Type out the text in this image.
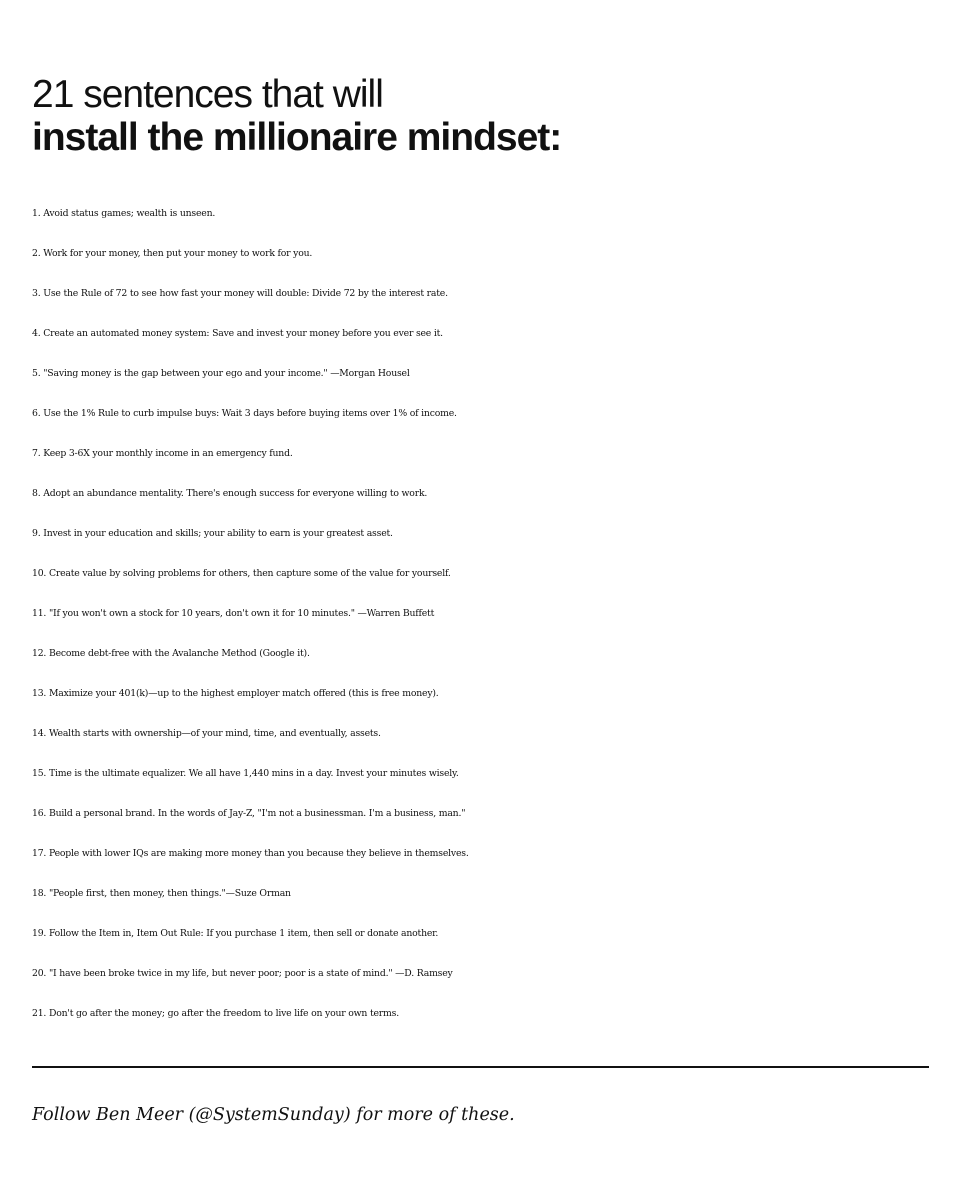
21 sentences that will
install the millionaire mindset:
1. Avoid status games; wealth is unseen.
2. Work for your money, then put your money to work for you.
3. Use the Rule of 72 to see how fast your money will double: Divide 72 by the interest rate.
4. Create an automated money system: Save and invest your money before you ever see it.
5. "Saving money is the gap between your ego and your income." —Morgan Housel
6. Use the 1% Rule to curb impulse buys: Wait 3 days before buying items over 1% of income.
7. Keep 3-6X your monthly income in an emergency fund.
8. Adopt an abundance mentality. There's enough success for everyone willing to work.
9. Invest in your education and skills; your ability to earn is your greatest asset.
10. Create value by solving problems for others, then capture some of the value for yourself.
11. "If you won't own a stock for 10 years, don't own it for 10 minutes." —Warren Buffett
12. Become debt-free with the Avalanche Method (Google it).
13. Maximize your 401(k)—up to the highest employer match offered (this is free money).
14. Wealth starts with ownership—of your mind, time, and eventually, assets.
15. Time is the ultimate equalizer. We all have 1,440 mins in a day. Invest your minutes wisely.
16. Build a personal brand. In the words of Jay-Z, "I'm not a businessman. I'm a business, man."
17. People with lower IQs are making more money than you because they believe in themselves.
18. "People first, then money, then things."—Suze Orman
19. Follow the Item in, Item Out Rule: If you purchase 1 item, then sell or donate another.
20. "I have been broke twice in my life, but never poor; poor is a state of mind." —D. Ramsey
21. Don't go after the money; go after the freedom to live life on your own terms.
Follow Ben Meer (@SystemSunday) for more of these.
